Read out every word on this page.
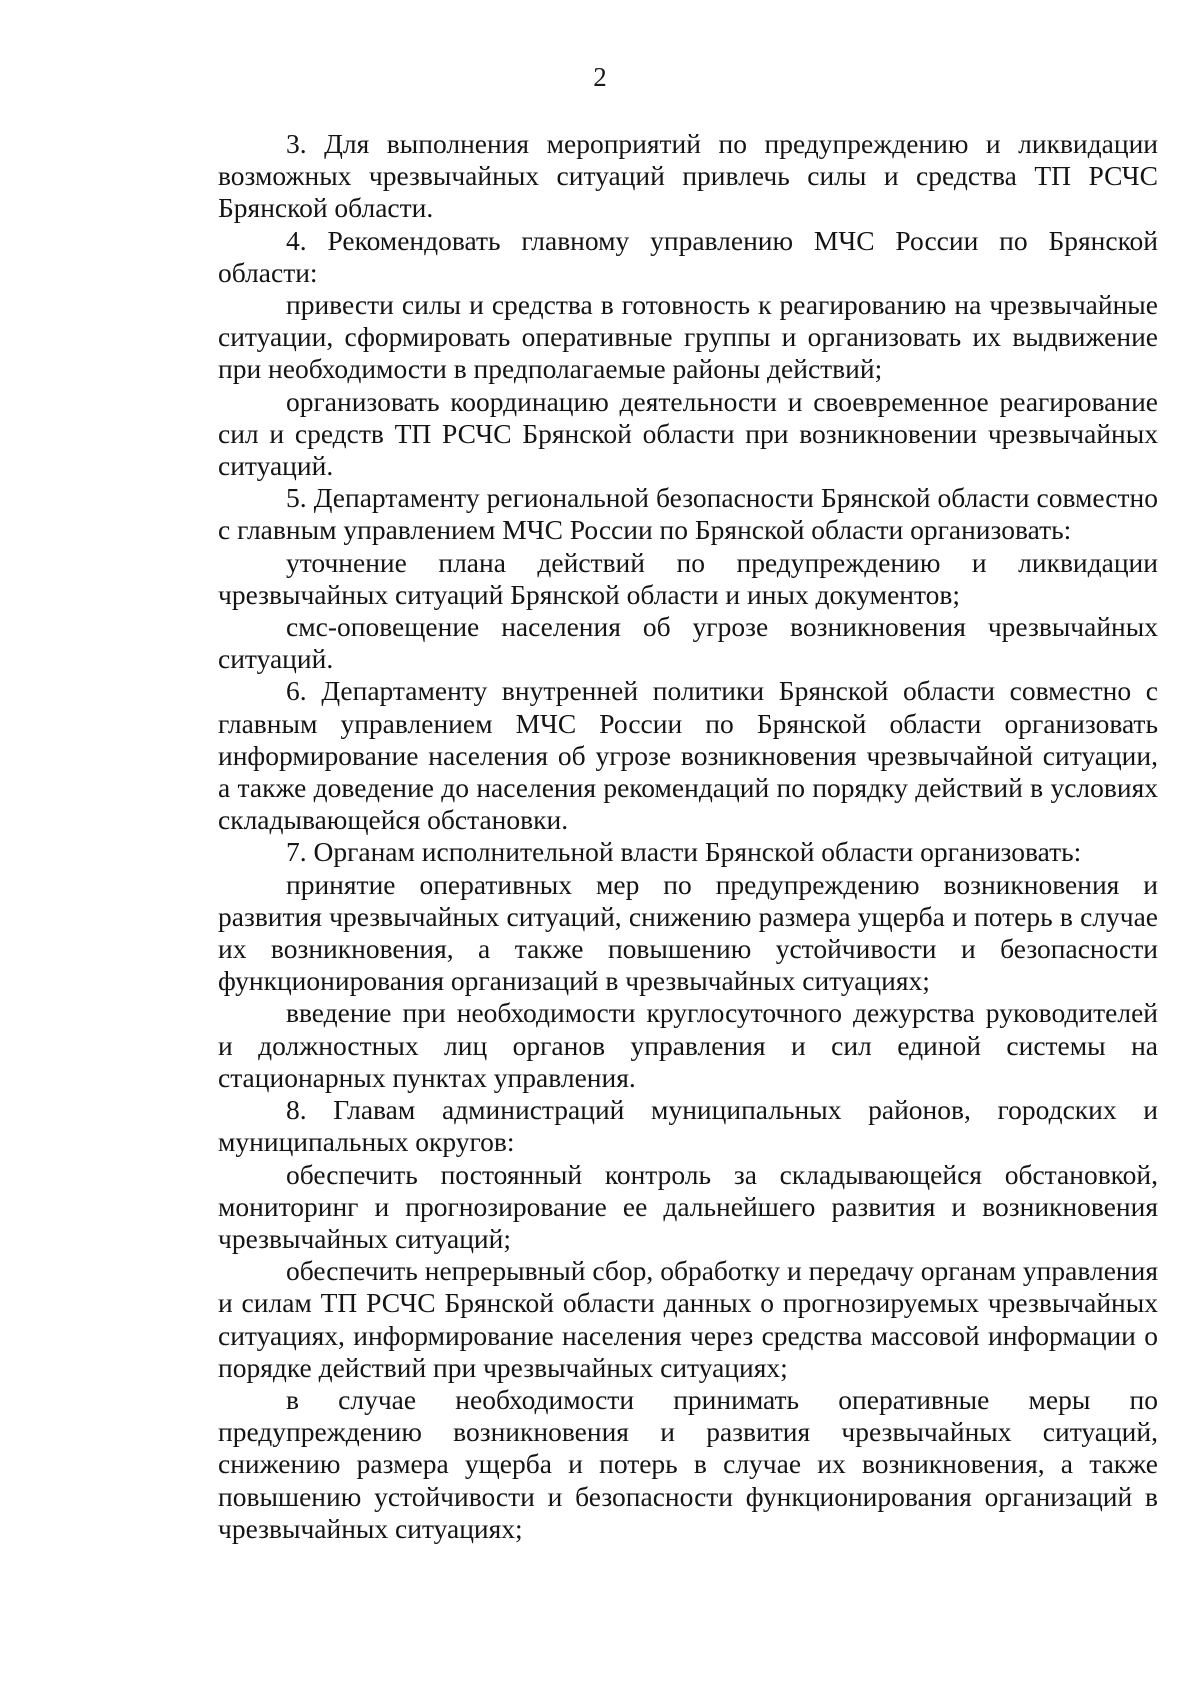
2

3. Для выполнения мероприятий по предупреждению и ликвидации возможных чрезвычайных ситуаций привлечь силы и средства ТП РСЧС Брянской области.

4. Рекомендовать главному управлению МЧС России по Брянской области:

привести силы и средства в готовность к реагированию на чрезвычайные ситуации, сформировать оперативные группы и организовать их выдвижение при необходимости в предполагаемые районы действий;

организовать координацию деятельности и своевременное реагирование сил и средств ТП РСЧС Брянской области при возникновении чрезвычайных ситуаций.

5. Департаменту региональной безопасности Брянской области совместно с главным управлением МЧС России по Брянской области организовать:

уточнение плана действий по предупреждению и ликвидации чрезвычайных ситуаций Брянской области и иных документов;

смс-оповещение населения об угрозе возникновения чрезвычайных ситуаций.

6. Департаменту внутренней политики Брянской области совместно с главным управлением МЧС России по Брянской области организовать информирование населения об угрозе возникновения чрезвычайной ситуации, а также доведение до населения рекомендаций по порядку действий в условиях складывающейся обстановки.

7. Органам исполнительной власти Брянской области организовать:

принятие оперативных мер по предупреждению возникновения и развития чрезвычайных ситуаций, снижению размера ущерба и потерь в случае их возникновения, а также повышению устойчивости и безопасности функционирования организаций в чрезвычайных ситуациях;

введение при необходимости круглосуточного дежурства руководителей и должностных лиц органов управления и сил единой системы на стационарных пунктах управления.

8. Главам администраций муниципальных районов, городских и муниципальных округов:

обеспечить постоянный контроль за складывающейся обстановкой, мониторинг и прогнозирование ее дальнейшего развития и возникновения чрезвычайных ситуаций;

обеспечить непрерывный сбор, обработку и передачу органам управления и силам ТП РСЧС Брянской области данных о прогнозируемых чрезвычайных ситуациях, информирование населения через средства массовой информации о порядке действий при чрезвычайных ситуациях;

в случае необходимости принимать оперативные меры по предупреждению возникновения и развития чрезвычайных ситуаций, снижению размера ущерба и потерь в случае их возникновения, а также повышению устойчивости и безопасности функционирования организаций в чрезвычайных ситуациях;
